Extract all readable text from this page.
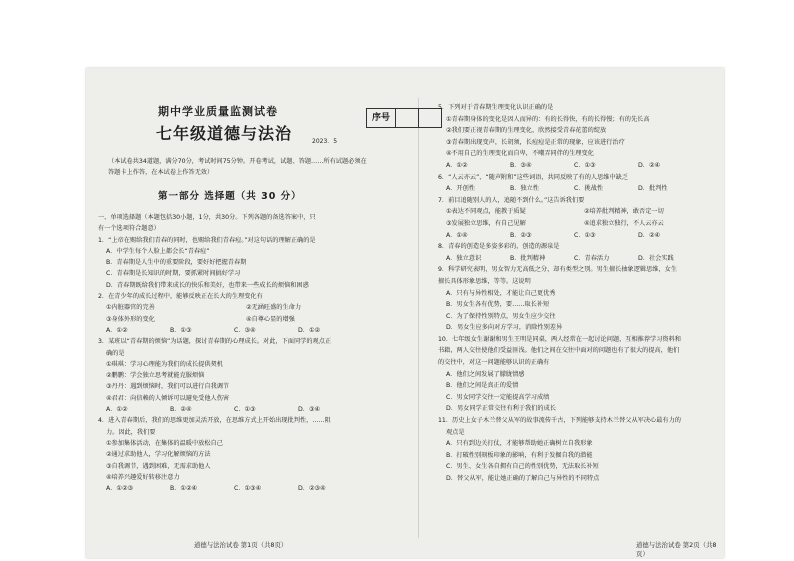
期中学业质量监测试卷
七年级道德与法治	2023．5
序号
（本试卷共34道题，满分70分，考试时间75分钟。开卷考试，试题、答题……所有试题必须在
答题卡上作答，在本试卷上作答无效）
第一部分 选择题（共 30 分）
一、单项选择题（本题包括30小题，1分，共30分。下列各题的备选答案中，只
有一个选项符合题意）
1．“上帝在赐给我们青春的同时，也赐给我们青春痘。”对这句话的理解正确的是
A．中学生每个人脸上都会长“青春痘”
B．青春期是人生中的重要阶段，要好好把握青春期
C．青春期是长知识的时期，要抓紧时间搞好学习
D．青春期既给我们带来成长的快乐和美好，也带来一些成长的烦恼和困惑
2．在青少年的成长过程中，能够反映正在长大的生理变化有
①内脏器官的完善	②无涵旺盛的生命力
③身体外形的变化	④自尊心显的增强
A．①②	B．①③	C．③④	D．①②
3．某班以“青春期的烦恼”为话题，探讨青春期的心理成长。对此，下面同学的观点正
确的是
①琪琪：学习心理能为我们的成长提供契机
②鹏鹏：学会独立思考就能克服烦恼
③丹丹：遇到烦恼时，我们可以进行自我调节
④君君：向信赖的人倾诉可以避免受他人伤害
A．①②	B．②④	C．①③	D．③④
4．进入青春期后，我们的思维更加灵活开放，在思维方式上开始出现批判性，……阻
力。因此，我们要
①参加集体活动，在集体的温暖中放松自己
②通过求助他人，学习化解烦恼的方法
③自我调节，遇到困难，无需求助他人
④培养兴趣爱好转移注意力
A．①②③	B．①②④	C．①③④	D．②③④
道德与法治试卷 第1页（共8页）
5．下列对于青春期生理变化认识正确的是
①青春期身体的变化是因人而异的：有的长得快，有的长得慢；有的先长高
②我们要正视青春期的生理变化，欣然接受青春花蕾的绽放
③青春期出现变声，长胡须，长痘痘是正常的现象，应该进行治疗
④不用自己的生理变化而自卑，不嘲弄同伴的生理变化
A．①②	B．③④	C．①③	D．②④
6．“人云亦云”、“随声附和”这些词语，共同反映了有的人思维中缺乏
A．开创性	B．独立性	C．挑战性	D．批判性
7．前目追随别人的人，追随不到什么。”这告诉我们要
①表达不同观点，能教于质疑	②培养批判精神，敢否定一切
③发展独立思维，有自己见解	④追求独立独行，不人云亦云
A．①④	B．②③	C．①③	D．②④
8．青春的创造是多姿多彩的，创造的源泉是
A．独立意识	B．批判精神	C．青春活力	D．社会实践
9．科学研究表明，男女智力无高低之分，却有类型之别。男生擅长抽象逻辑思维，女生
擅长具体形象思维，等等。这说明
A．只有与异性相处，才能让自己更优秀
B．男女生各有优势，要……取长补短
C．为了保持性别特点，男女生应少交往
D．男女生应多向对方学习，消除性别差异
10．七年级女生谢谢和男生王明是同桌，两人经常在一起讨论问题，互相推荐学习资料和
书籍，两人交往使他们受益匪浅。他们之间在交往中面对的问题也有了很大的提高，他们
的交往中，对这一问题能够认识的正确有
A．他们之间发展了朦胧情感
B．他们之间是真正的爱情
C．男女同学交往一定能提高学习成绩
D．男女同学正常交往有利于我们的成长
11．历史上女子木兰替父从军的故事流传千古，下列能够支持木兰替父从军决心最有力的
观点是
A．只有到边关打仗，才能够帮助她正确树立自我形象
B．打破性别刻板印象的影响，有利于发掘自我的潜能
C．男生、女生各自拥有自己的性别优势，无法取长补短
D．替父从军，能让她正确的了解自己与异性的不同特点
道德与法治试卷 第2页（共8页）
